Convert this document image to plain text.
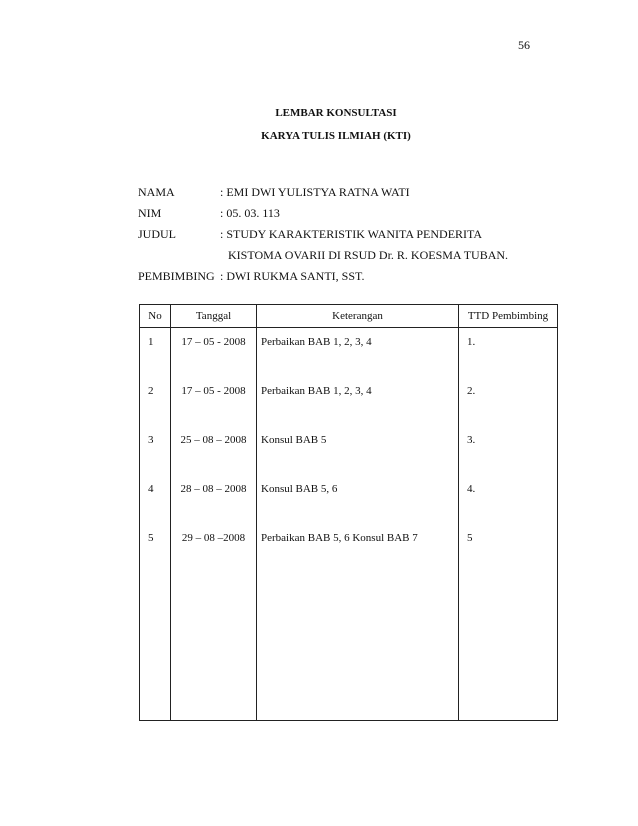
56
LEMBAR KONSULTASI
KARYA TULIS ILMIAH (KTI)
NAMA	: EMI DWI YULISTYA RATNA WATI
NIM	: 05. 03. 113
JUDUL	: STUDY KARAKTERISTIK WANITA PENDERITA
KISTOMA OVARII DI RSUD Dr. R. KOESMA TUBAN.
PEMBIMBING : DWI RUKMA SANTI, SST.
No	Tanggal	Keterangan	TTD Pembimbing
1	17 – 05 - 2008	Perbaikan BAB 1, 2, 3, 4	1.
2	17 – 05 - 2008	Perbaikan BAB 1, 2, 3, 4	2.
3	25 – 08 – 2008	Konsul BAB 5	3.
4	28 – 08 – 2008	Konsul BAB 5, 6	4.
5	29 – 08 –2008	Perbaikan BAB 5, 6 Konsul BAB 7	5
